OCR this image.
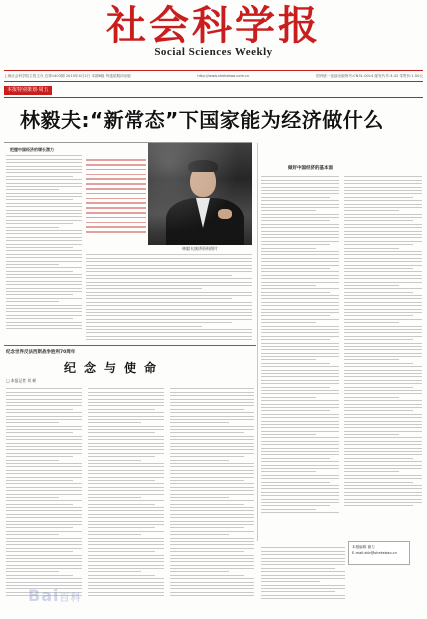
社会科学报
Social Sciences Weekly
上海社会科学院主管主办 总第1403期 2015年4月2日 本期8版 每逢星期四出版	http://www.shekebao.com.cn	国内统一连续出版物号:CN31-0014 邮发代号:3-42 零售价:1.50元
本报特别策划·周五
林毅夫:“新常态”下国家能为经济做什么
把握中国经济的增长潜力
林毅夫演讲资料照片
做好中国经济的基本面
纪念世界反法西斯战争胜利70周年
纪念与使命
□ 本报记者 刘 顿
本版编辑 谢力
E-mail:skb@shekebao.cn
Bai百科
